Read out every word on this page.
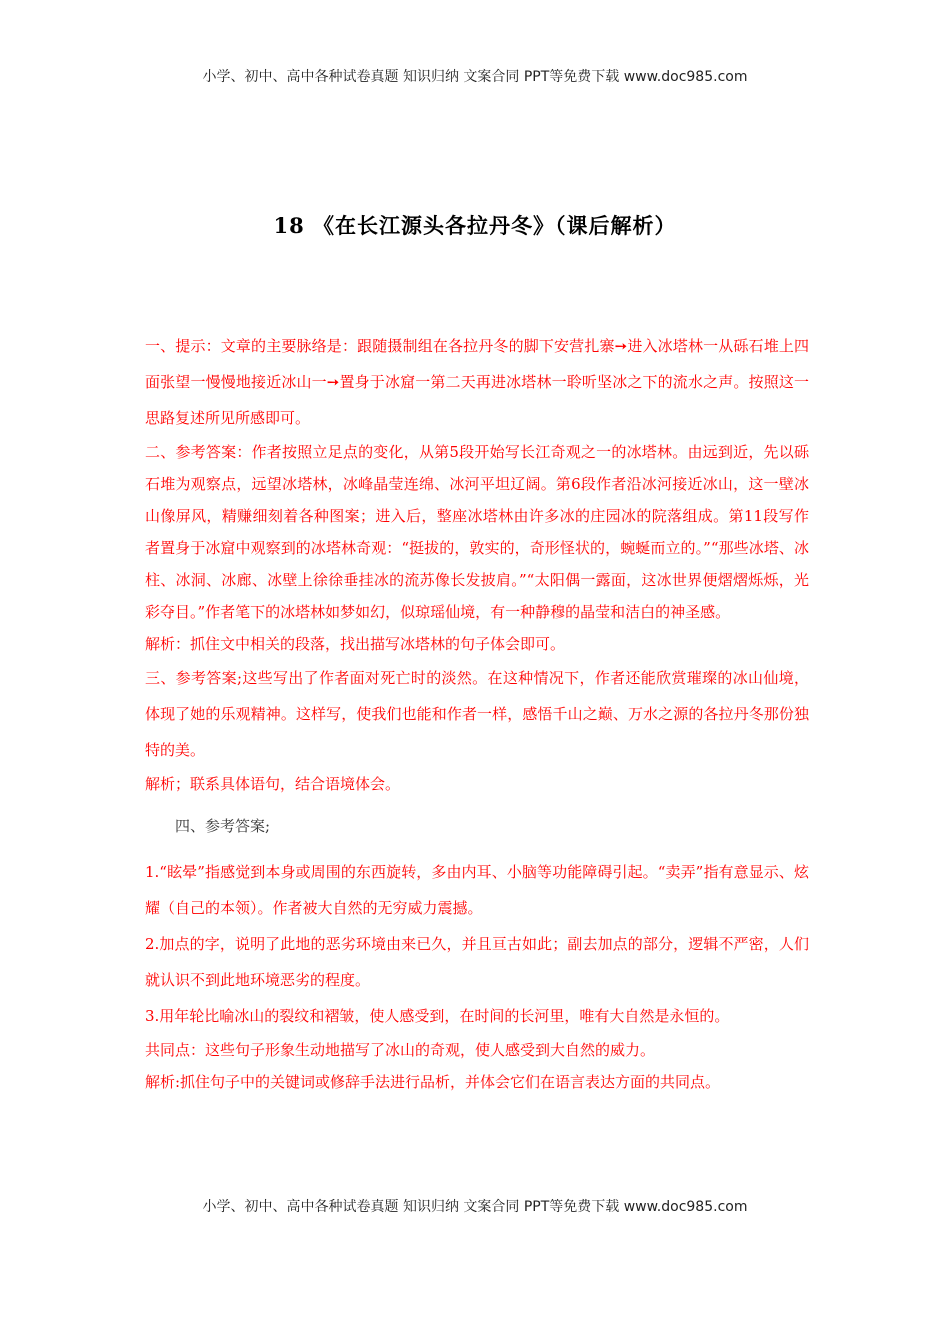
小学、初中、高中各种试卷真题 知识归纳 文案合同 PPT等免费下载 www.doc985.com
18 《在长江源头各拉丹冬》（课后解析）

一、提示：文章的主要脉络是：跟随摄制组在各拉丹冬的脚下安营扎寨➙进入冰塔林一从砾石堆上四面张望一慢慢地接近冰山一➙置身于冰窟一第二天再进冰塔林一聆听坚冰之下的流水之声。按照这一思路复述所见所感即可。

二、参考答案：作者按照立足点的变化，从第5段开始写长江奇观之一的冰塔林。由远到近，先以砾石堆为观察点，远望冰塔林，冰峰晶莹连绵、冰河平坦辽阔。第6段作者沿冰河接近冰山，这一壁冰山像屏风，精赚细刻着各种图案；进入后，整座冰塔林由许多冰的庄园冰的院落组成。第11段写作者置身于冰窟中观察到的冰塔林奇观：“挺拔的，敦实的，奇形怪状的，蜿蜒而立的。”“那些冰塔、冰柱、冰洞、冰廊、冰壁上徐徐垂挂冰的流苏像长发披肩。”“太阳偶一露面，这冰世界便熠熠烁烁，光彩夺目。”作者笔下的冰塔林如梦如幻，似琼瑶仙境，有一种静穆的晶莹和洁白的神圣感。

解析：抓住文中相关的段落，找出描写冰塔林的句子体会即可。

三、参考答案;这些写出了作者面对死亡时的淡然。在这种情况下，作者还能欣赏璀璨的冰山仙境，体现了她的乐观精神。这样写，使我们也能和作者一样，感悟千山之巅、万水之源的各拉丹冬那份独特的美。

解析；联系具体语句，结合语境体会。

四、参考答案;

1.“眩晕”指感觉到本身或周围的东西旋转，多由内耳、小脑等功能障碍引起。“卖弄”指有意显示、炫耀（自己的本领）。作者被大自然的无穷威力震撼。

2.加点的字，说明了此地的恶劣环境由来已久，并且亘古如此；副去加点的部分，逻辑不严密，人们就认识不到此地环境恶劣的程度。

3.用年轮比喻冰山的裂纹和褶皱，使人感受到，在时间的长河里，唯有大自然是永恒的。

共同点：这些句子形象生动地描写了冰山的奇观，使人感受到大自然的威力。

解析:抓住句子中的关键词或修辞手法进行品析，并体会它们在语言表达方面的共同点。

小学、初中、高中各种试卷真题 知识归纳 文案合同 PPT等免费下载 www.doc985.com
